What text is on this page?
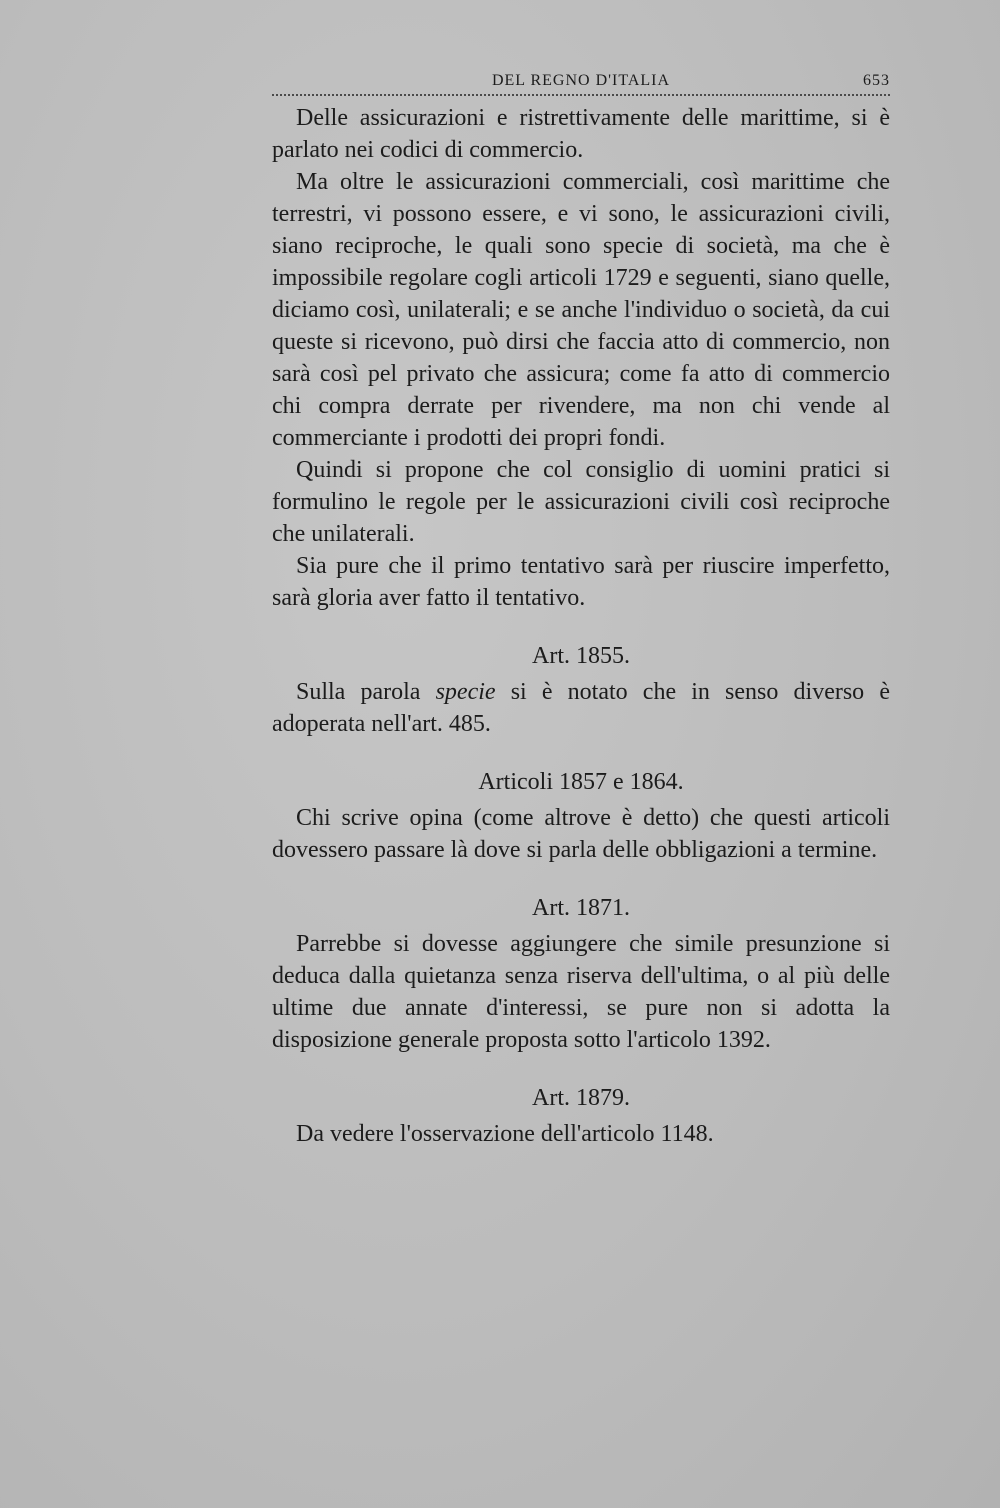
DEL REGNO D'ITALIA	653

Delle assicurazioni e ristrettivamente delle marittime, si è parlato nei codici di commercio.

Ma oltre le assicurazioni commerciali, così marittime che terrestri, vi possono essere, e vi sono, le assicurazioni civili, siano reciproche, le quali sono specie di società, ma che è impossibile regolare cogli articoli 1729 e seguenti, siano quelle, diciamo così, unilaterali; e se anche l'individuo o società, da cui queste si ricevono, può dirsi che faccia atto di commercio, non sarà così pel privato che assicura; come fa atto di commercio chi compra derrate per rivendere, ma non chi vende al commerciante i prodotti dei propri fondi.

Quindi si propone che col consiglio di uomini pratici si formulino le regole per le assicurazioni civili così reciproche che unilaterali.

Sia pure che il primo tentativo sarà per riuscire imperfetto, sarà gloria aver fatto il tentativo.

Art. 1855.

Sulla parola specie si è notato che in senso diverso è adoperata nell'art. 485.

Articoli 1857 e 1864.

Chi scrive opina (come altrove è detto) che questi articoli dovessero passare là dove si parla delle obbligazioni a termine.

Art. 1871.

Parrebbe si dovesse aggiungere che simile presunzione si deduca dalla quietanza senza riserva dell'ultima, o al più delle ultime due annate d'interessi, se pure non si adotta la disposizione generale proposta sotto l'articolo 1392.

Art. 1879.

Da vedere l'osservazione dell'articolo 1148.
